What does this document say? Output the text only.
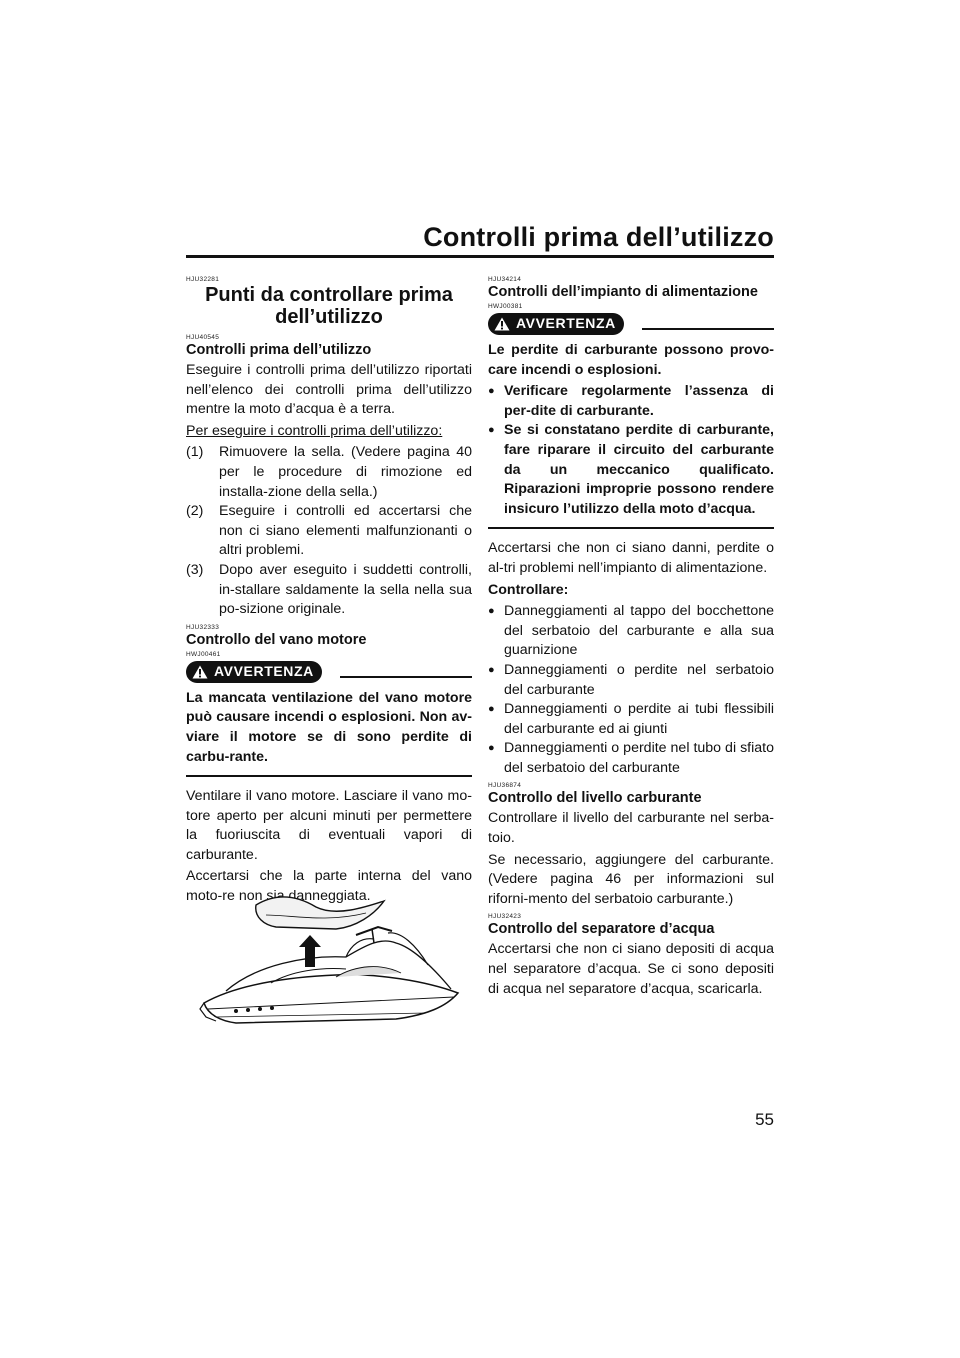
Controlli prima dell’utilizzo
HJU32281
Punti da controllare prima dell’utilizzo
HJU40545
Controlli prima dell’utilizzo

Eseguire i controlli prima dell’utilizzo riportati nell’elenco dei controlli prima dell’utilizzo mentre la moto d’acqua è a terra.

Per eseguire i controlli prima dell’utilizzo:

(1) Rimuovere la sella. (Vedere pagina 40 per le procedure di rimozione ed installa-zione della sella.)
(2) Eseguire i controlli ed accertarsi che non ci siano elementi malfunzionanti o altri problemi.
(3) Dopo aver eseguito i suddetti controlli, in-stallare saldamente la sella nella sua po-sizione originale.
HJU32333
Controllo del vano motore
HWJ00461
AVVERTENZA

La mancata ventilazione del vano motore può causare incendi o esplosioni. Non av-viare il motore se di sono perdite di carbu-rante.

Ventilare il vano motore. Lasciare il vano mo-tore aperto per alcuni minuti per permettere la fuoriuscita di eventuali vapori di carburante.

Accertarsi che la parte interna del vano moto-re non sia danneggiata.

HJU34214
Controlli dell’impianto di alimentazione
HWJ00381
AVVERTENZA

Le perdite di carburante possono provo-care incendi o esplosioni.

● Verificare regolarmente l’assenza di per-dite di carburante.
● Se si constatano perdite di carburante, fare riparare il circuito del carburante da un meccanico qualificato. Riparazioni improprie possono rendere insicuro l’utilizzo della moto d’acqua.

Accertarsi che non ci siano danni, perdite o al-tri problemi nell’impianto di alimentazione.

Controllare:

● Danneggiamenti al tappo del bocchettone del serbatoio del carburante e alla sua guarnizione
● Danneggiamenti o perdite nel serbatoio del carburante
● Danneggiamenti o perdite ai tubi flessibili del carburante ed ai giunti
● Danneggiamenti o perdite nel tubo di sfiato del serbatoio del carburante
HJU36874
Controllo del livello carburante

Controllare il livello del carburante nel serba-toio.

Se necessario, aggiungere del carburante. (Vedere pagina 46 per informazioni sul riforni-mento del serbatoio carburante.)

HJU32423
Controllo del separatore d’acqua

Accertarsi che non ci siano depositi di acqua nel separatore d’acqua. Se ci sono depositi di acqua nel separatore d’acqua, scaricarla.

55
